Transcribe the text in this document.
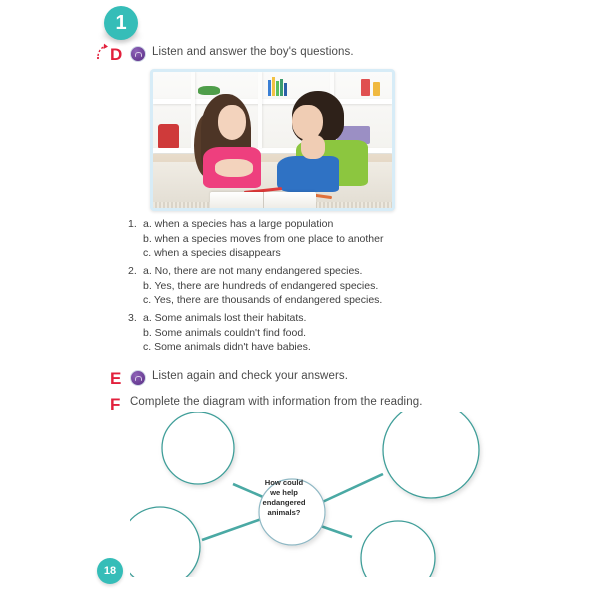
1
D	Listen and answer the boy's questions.
1. a. when a species has a large population
b. when a species moves from one place to another
c. when a species disappears
2. a. No, there are not many endangered species.
b. Yes, there are hundreds of endangered species.
c. Yes, there are thousands of endangered species.
3. a. Some animals lost their habitats.
b. Some animals couldn't find food.
c. Some animals didn't have babies.
E	Listen again and check your answers.
F Complete the diagram with information from the reading.
How could
we help
endangered
animals?
18
